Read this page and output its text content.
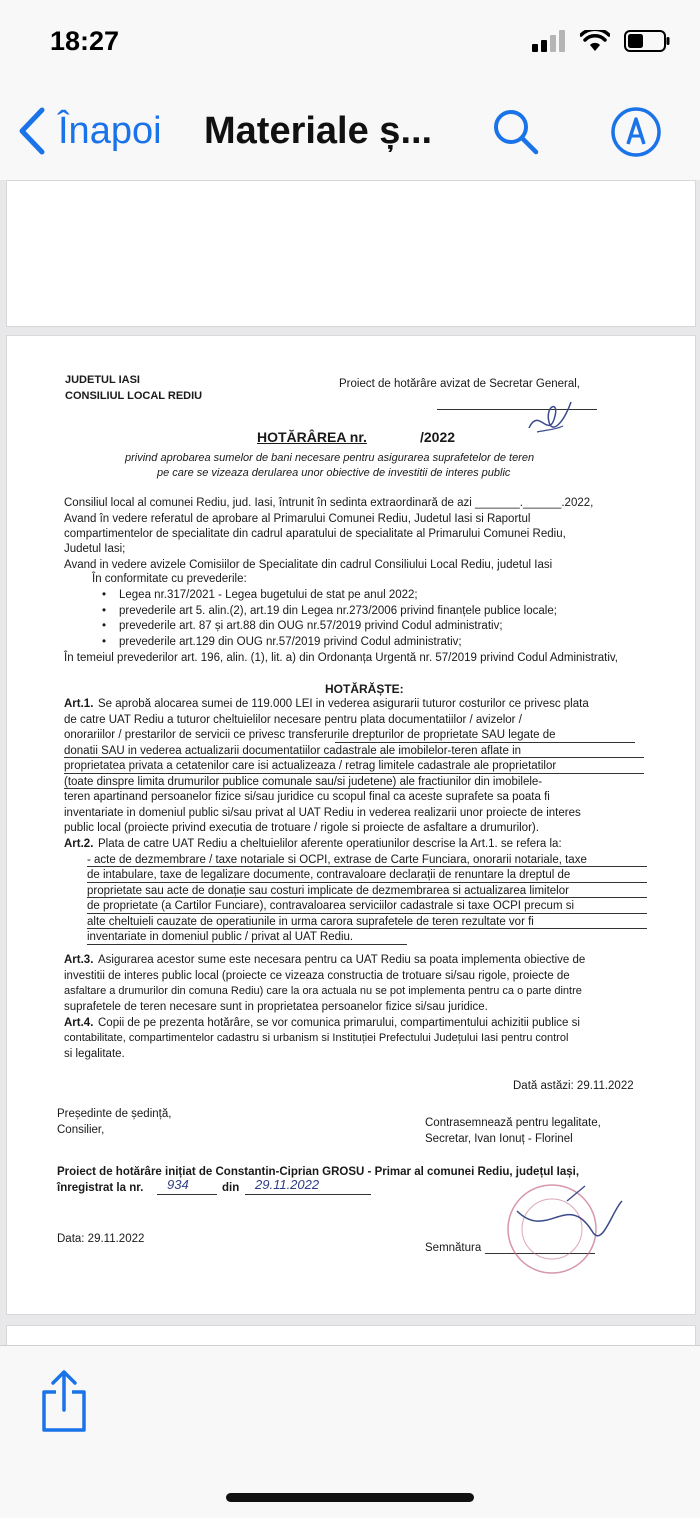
18:27
Înapoi Materiale ș...
JUDETUL IASI
CONSILIUL LOCAL REDIU
Proiect de hotărâre avizat de Secretar General,
HOTĂRÂREA nr.	/2022
privind aprobarea sumelor de bani necesare pentru asigurarea suprafetelor de teren
pe care se vizeaza derularea unor obiective de investitii de interes public
Consiliul local al comunei Rediu, jud. Iasi, întrunit în sedinta extraordinară de azi _______.______.2022,
Avand în vedere referatul de aprobare al Primarului Comunei Rediu, Judetul Iasi si Raportul
compartimentelor de specialitate din cadrul aparatului de specialitate al Primarului Comunei Rediu,
Judetul Iasi;
Avand in vedere avizele Comisiilor de Specialitate din cadrul Consiliului Local Rediu, judetul Iasi
În conformitate cu prevederile:
• Legea nr.317/2021 - Legea bugetului de stat pe anul 2022;
• prevederile art 5. alin.(2), art.19 din Legea nr.273/2006 privind finanțele publice locale;
• prevederile art. 87 și art.88 din OUG nr.57/2019 privind Codul administrativ;
• prevederile art.129 din OUG nr.57/2019 privind Codul administrativ;
În temeiul prevederilor art. 196, alin. (1), lit. a) din Ordonanța Urgentă nr. 57/2019 privind Codul Administrativ,
HOTĂRĂȘTE:
Art.1. Se aprobă alocarea sumei de 119.000 LEI in vederea asigurarii tuturor costurilor ce privesc plata
de catre UAT Rediu a tuturor cheltuielilor necesare pentru plata documentatiilor / avizelor /
onorariilor / prestarilor de servicii ce privesc transferurile drepturilor de proprietate SAU legate de
donatii SAU in vederea actualizarii documentatiilor cadastrale ale imobilelor-teren aflate in
proprietatea privata a cetatenilor care isi actualizeaza / retrag limitele cadastrale ale proprietatilor
(toate dinspre limita drumurilor publice comunale sau/si judetene) ale fractiunilor din imobilele-
teren apartinand persoanelor fizice si/sau juridice cu scopul final ca aceste suprafete sa poata fi
inventariate in domeniul public si/sau privat al UAT Rediu in vederea realizarii unor proiecte de interes
public local (proiecte privind executia de trotuare / rigole si proiecte de asfaltare a drumurilor).
Art.2. Plata de catre UAT Rediu a cheltuielilor aferente operatiunilor descrise la Art.1. se refera la:
- acte de dezmembrare / taxe notariale si OCPI, extrase de Carte Funciara, onorarii notariale, taxe
de intabulare, taxe de legalizare documente, contravaloare declarații de renuntare la dreptul de
proprietate sau acte de donație sau costuri implicate de dezmembrarea si actualizarea limitelor
de proprietate (a Cartilor Funciare), contravaloarea serviciilor cadastrale si taxe OCPI precum si
alte cheltuieli cauzate de operatiunile in urma carora suprafetele de teren rezultate vor fi
inventariate in domeniul public / privat al UAT Rediu.
Art.3. Asigurarea acestor sume este necesara pentru ca UAT Rediu sa poata implementa obiective de
investitii de interes public local (proiecte ce vizeaza constructia de trotuare si/sau rigole, proiecte de
asfaltare a drumurilor din comuna Rediu) care la ora actuala nu se pot implementa pentru ca o parte dintre
suprafetele de teren necesare sunt in proprietatea persoanelor fizice si/sau juridice.
Art.4. Copii de pe prezenta hotărâre, se vor comunica primarului, compartimentului achizitii publice si
contabilitate, compartimentelor cadastru si urbanism si Instituției Prefectului Județului Iasi pentru control
si legalitate.
Dată astăzi: 29.11.2022
Președinte de ședință,
Consilier,
Contrasemnează pentru legalitate,
Secretar, Ivan Ionuț - Florinel
Proiect de hotărâre inițiat de Constantin-Ciprian GROSU - Primar al comunei Rediu, județul Iași,
înregistrat la nr. 934	din 29.11.2022
Data: 29.11.2022
Semnătura
